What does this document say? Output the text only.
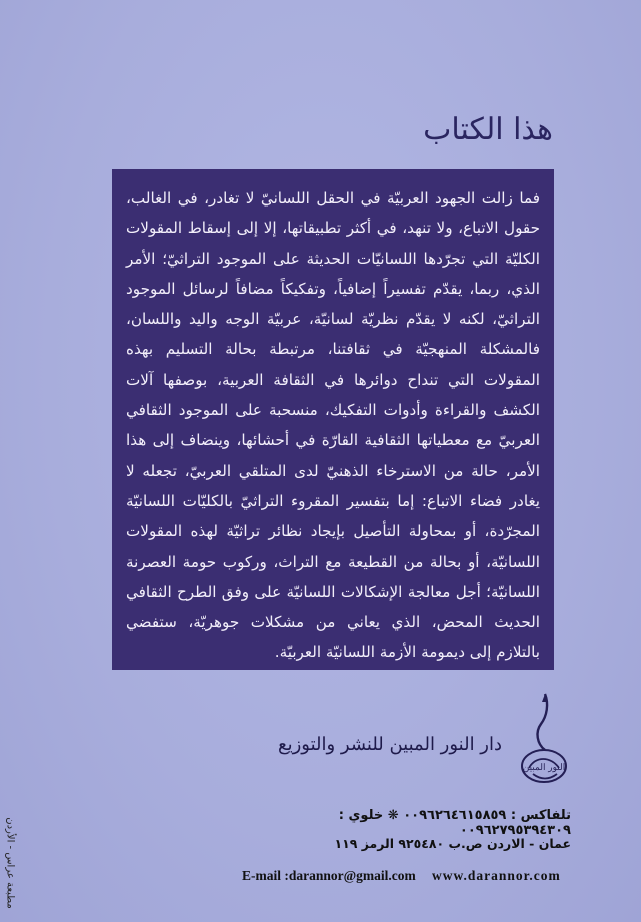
هذا الكتاب

فما زالت الجهود العربيّة في الحقل اللسانيّ لا تغادر، في الغالب، حقول الاتباع، ولا تنهد، في أكثر تطبيقاتها، إلا إلى إسقاط المقولات الكليّة التي تجرّدها اللسانيّات الحديثة على الموجود التراثيّ؛ الأمر الذي، ربما، يقدّم تفسيراً إضافياً، وتفكيكاً مضافاً لرسائل الموجود التراثيّ، لكنه لا يقدّم نظريّة لسانيّة، عربيّة الوجه واليد واللسان، فالمشكلة المنهجيّة في ثقافتنا، مرتبطة بحالة التسليم بهذه المقولات التي تنداح دوائرها في الثقافة العربية، بوصفها آلات الكشف والقراءة وأدوات التفكيك، منسحبة على الموجود الثقافي العربيّ مع معطياتها الثقافية القارّة في أحشائها، وينضاف إلى هذا الأمر، حالة من الاسترخاء الذهنيّ لدى المتلقي العربيّ، تجعله لا يغادر فضاء الاتباع: إما بتفسير المقروء التراثيّ بالكليّات اللسانيّة المجرّدة، أو بمحاولة التأصيل بإيجاد نظائر تراثيّة لهذه المقولات اللسانيّة، أو بحالة من القطيعة مع التراث، وركوب حومة العصرنة اللسانيّة؛ أجل معالجة الإشكالات اللسانيّة على وفق الطرح الثقافي الحديث المحض، الذي يعاني من مشكلات جوهريّة، ستفضي بالتلازم إلى ديمومة الأزمة اللسانيّة العربيّة.

النور المبين
دار النور المبين للنشر والتوزيع
تلفاكس : ٠٠٩٦٢٦٤٦١٥٨٥٩ ❋ خلوي : ٠٠٩٦٢٧٩٥٣٩٤٣٠٩
عمان - الاردن ص.ب ٩٢٥٤٨٠ الرمز ١١٩
E-mail :darannor@gmail.com www.darannor.com
مطبعة عراس - الأردن
